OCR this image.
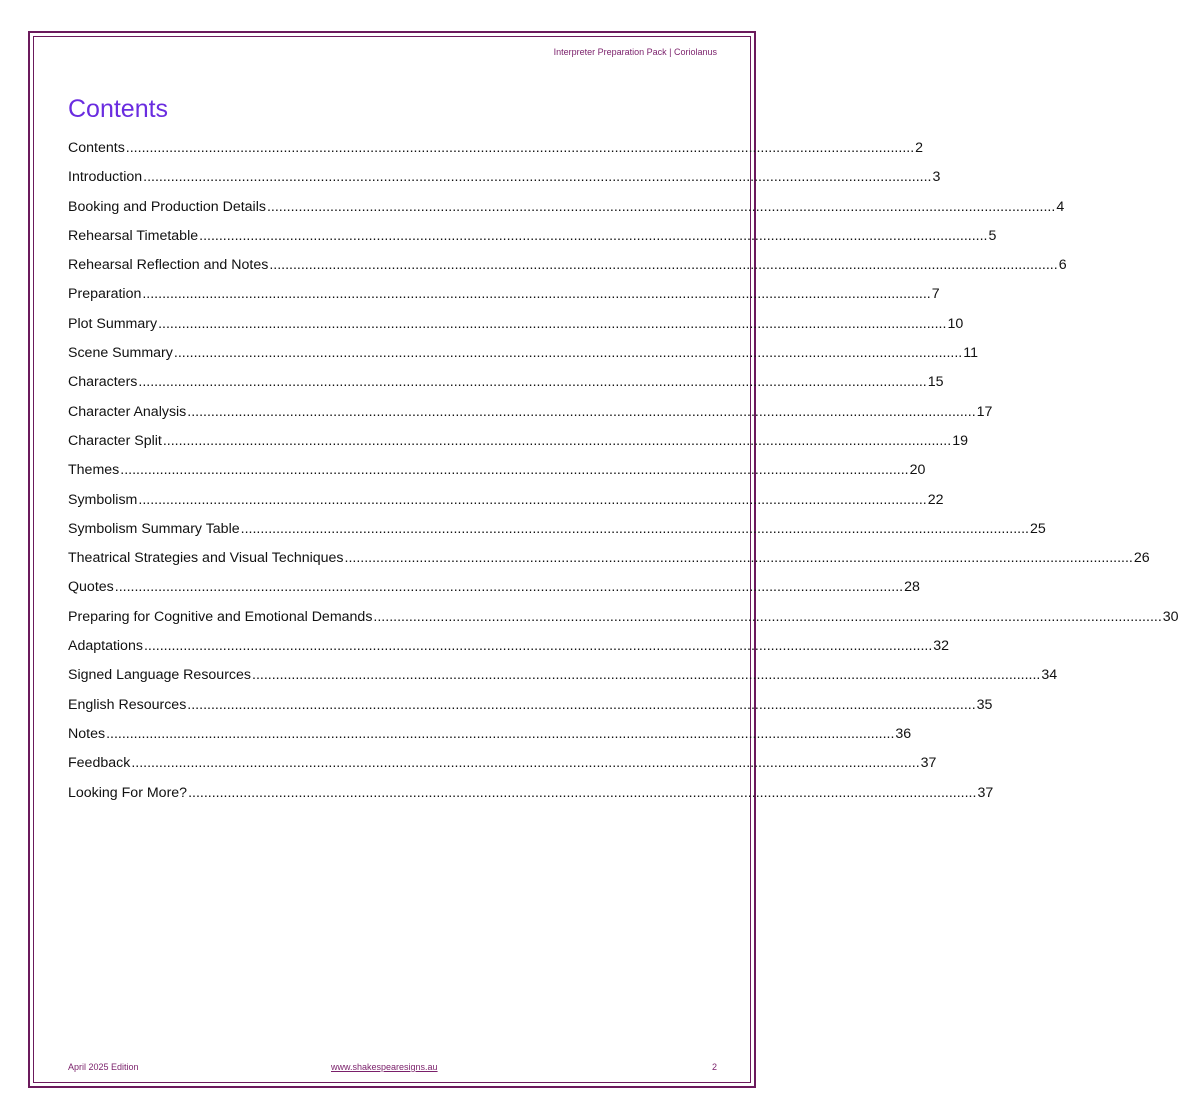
Interpreter Preparation Pack | Coriolanus
Contents
Contents ........................................................................................................................................................................................................ 2
Introduction ........................................................................................................................................................................................................ 3
Booking and Production Details ........................................................................................................................................................................................................ 4
Rehearsal Timetable ........................................................................................................................................................................................................ 5
Rehearsal Reflection and Notes ........................................................................................................................................................................................................ 6
Preparation ........................................................................................................................................................................................................ 7
Plot Summary ........................................................................................................................................................................................................ 10
Scene Summary ........................................................................................................................................................................................................ 11
Characters ........................................................................................................................................................................................................ 15
Character Analysis ........................................................................................................................................................................................................ 17
Character Split ........................................................................................................................................................................................................ 19
Themes ........................................................................................................................................................................................................ 20
Symbolism ........................................................................................................................................................................................................ 22
Symbolism Summary Table ........................................................................................................................................................................................................ 25
Theatrical Strategies and Visual Techniques ........................................................................................................................................................................................................ 26
Quotes ........................................................................................................................................................................................................ 28
Preparing for Cognitive and Emotional Demands ........................................................................................................................................................................................................ 30
Adaptations ........................................................................................................................................................................................................ 32
Signed Language Resources ........................................................................................................................................................................................................ 34
English Resources ........................................................................................................................................................................................................ 35
Notes ........................................................................................................................................................................................................ 36
Feedback ........................................................................................................................................................................................................ 37
Looking For More? ........................................................................................................................................................................................................ 37
April 2025 Edition	www.shakespearesigns.au	2
